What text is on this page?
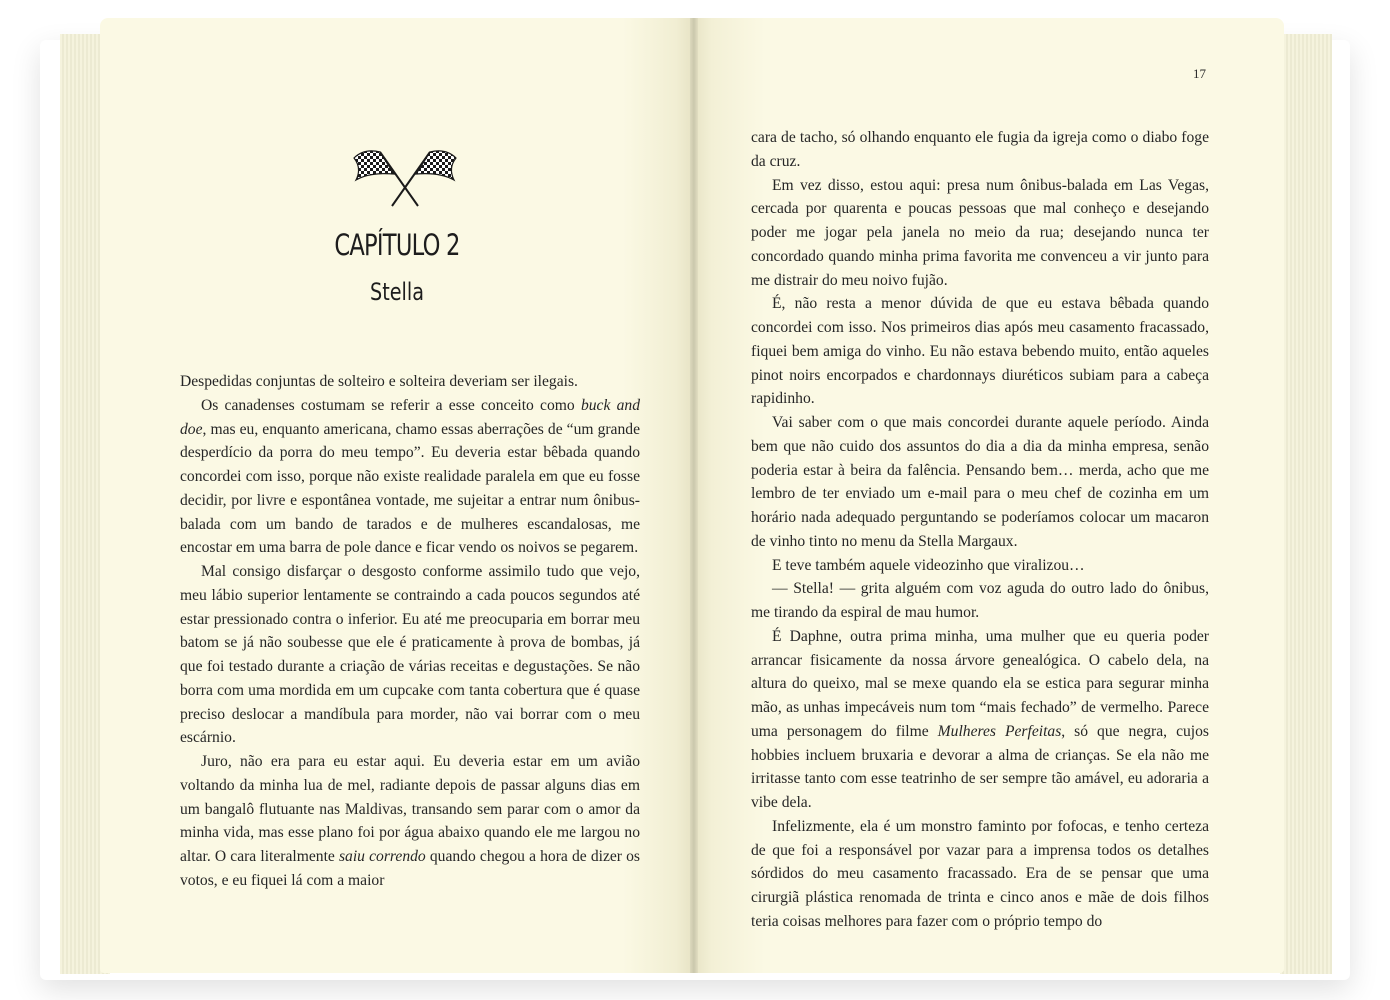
CAPÍTULO 2
Stella

Despedidas conjuntas de solteiro e solteira deveriam ser ilegais.

Os canadenses costumam se referir a esse conceito como buck and doe, mas eu, enquanto americana, chamo essas aberrações de “um grande desperdício da porra do meu tempo”. Eu deveria estar bêbada quando concordei com isso, porque não existe realidade paralela em que eu fosse decidir, por livre e espontânea vontade, me sujeitar a entrar num ônibus-balada com um bando de tarados e de mulheres escandalosas, me encostar em uma barra de pole dance e ficar vendo os noivos se pegarem.

Mal consigo disfarçar o desgosto conforme assimilo tudo que vejo, meu lábio superior lentamente se contraindo a cada poucos segundos até estar pressionado contra o inferior. Eu até me preocuparia em borrar meu batom se já não soubesse que ele é praticamente à prova de bombas, já que foi testado durante a criação de várias receitas e degustações. Se não borra com uma mordida em um cupcake com tanta cobertura que é quase preciso deslocar a mandíbula para morder, não vai borrar com o meu escárnio.

Juro, não era para eu estar aqui. Eu deveria estar em um avião voltando da minha lua de mel, radiante depois de passar alguns dias em um bangalô flutuante nas Maldivas, transando sem parar com o amor da minha vida, mas esse plano foi por água abaixo quando ele me largou no altar. O cara literalmente saiu correndo quando chegou a hora de dizer os votos, e eu fiquei lá com a maior

17

cara de tacho, só olhando enquanto ele fugia da igreja como o diabo foge da cruz.

Em vez disso, estou aqui: presa num ônibus-balada em Las Vegas, cercada por quarenta e poucas pessoas que mal conheço e desejando poder me jogar pela janela no meio da rua; desejando nunca ter concordado quando minha prima favorita me convenceu a vir junto para me distrair do meu noivo fujão.

É, não resta a menor dúvida de que eu estava bêbada quando concordei com isso. Nos primeiros dias após meu casamento fracassado, fiquei bem amiga do vinho. Eu não estava bebendo muito, então aqueles pinot noirs encorpados e chardonnays diuréticos subiam para a cabeça rapidinho.

Vai saber com o que mais concordei durante aquele período. Ainda bem que não cuido dos assuntos do dia a dia da minha empresa, senão poderia estar à beira da falência. Pensando bem… merda, acho que me lembro de ter enviado um e-mail para o meu chef de cozinha em um horário nada adequado perguntando se poderíamos colocar um macaron de vinho tinto no menu da Stella Margaux.

E teve também aquele videozinho que viralizou…

— Stella! — grita alguém com voz aguda do outro lado do ônibus, me tirando da espiral de mau humor.

É Daphne, outra prima minha, uma mulher que eu queria poder arrancar fisicamente da nossa árvore genealógica. O cabelo dela, na altura do queixo, mal se mexe quando ela se estica para segurar minha mão, as unhas impecáveis num tom “mais fechado” de vermelho. Parece uma personagem do filme Mulheres Perfeitas, só que negra, cujos hobbies incluem bruxaria e devorar a alma de crianças. Se ela não me irritasse tanto com esse teatrinho de ser sempre tão amável, eu adoraria a vibe dela.

Infelizmente, ela é um monstro faminto por fofocas, e tenho certeza de que foi a responsável por vazar para a imprensa todos os detalhes sórdidos do meu casamento fracassado. Era de se pensar que uma cirurgiã plástica renomada de trinta e cinco anos e mãe de dois filhos teria coisas melhores para fazer com o próprio tempo do
